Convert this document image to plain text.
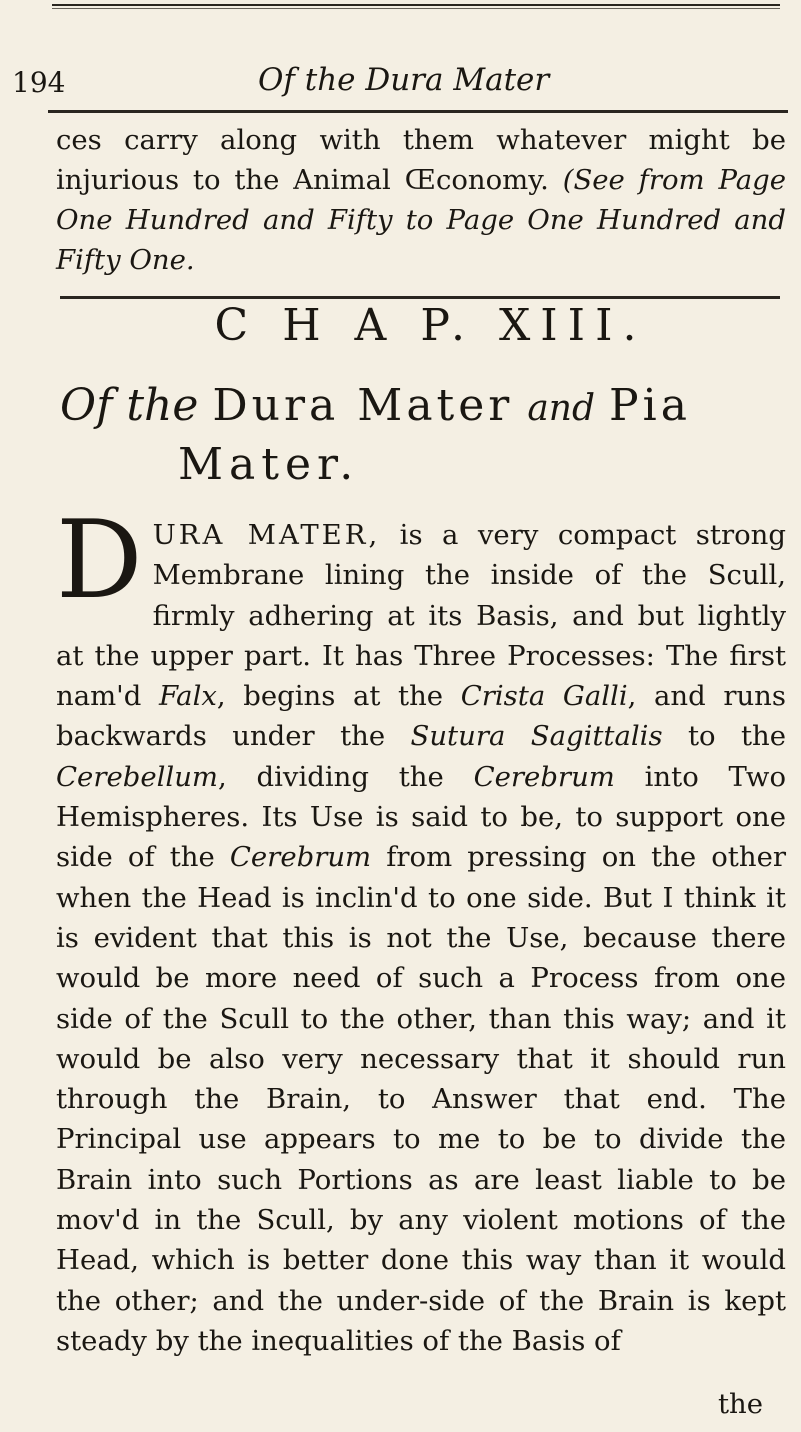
194	Of the Dura Mater
ces carry along with them whatever might be injurious to the Animal Œconomy. (See from Page One Hundred and Fifty to Page One Hundred and Fifty One.
C H A P. XIII.
Of the Dura Mater and Pia
Mater.
DURA MATER, is a very compact strong Membrane lining the inside of the Scull, firmly adhering at its Basis, and but lightly at the upper part. It has Three Processes: The first nam'd Falx, begins at the Crista Galli, and runs backwards under the Sutura Sagittalis to the Cerebellum, dividing the Cerebrum into Two Hemispheres. Its Use is said to be, to support one side of the Cerebrum from pressing on the other when the Head is inclin'd to one side. But I think it is evident that this is not the Use, because there would be more need of such a Process from one side of the Scull to the other, than this way; and it would be also very necessary that it should run through the Brain, to Answer that end. The Principal use appears to me to be to divide the Brain into such Portions as are least liable to be mov'd in the Scull, by any violent motions of the Head, which is better done this way than it would the other; and the under-side of the Brain is kept steady by the inequalities of the Basis of
the
